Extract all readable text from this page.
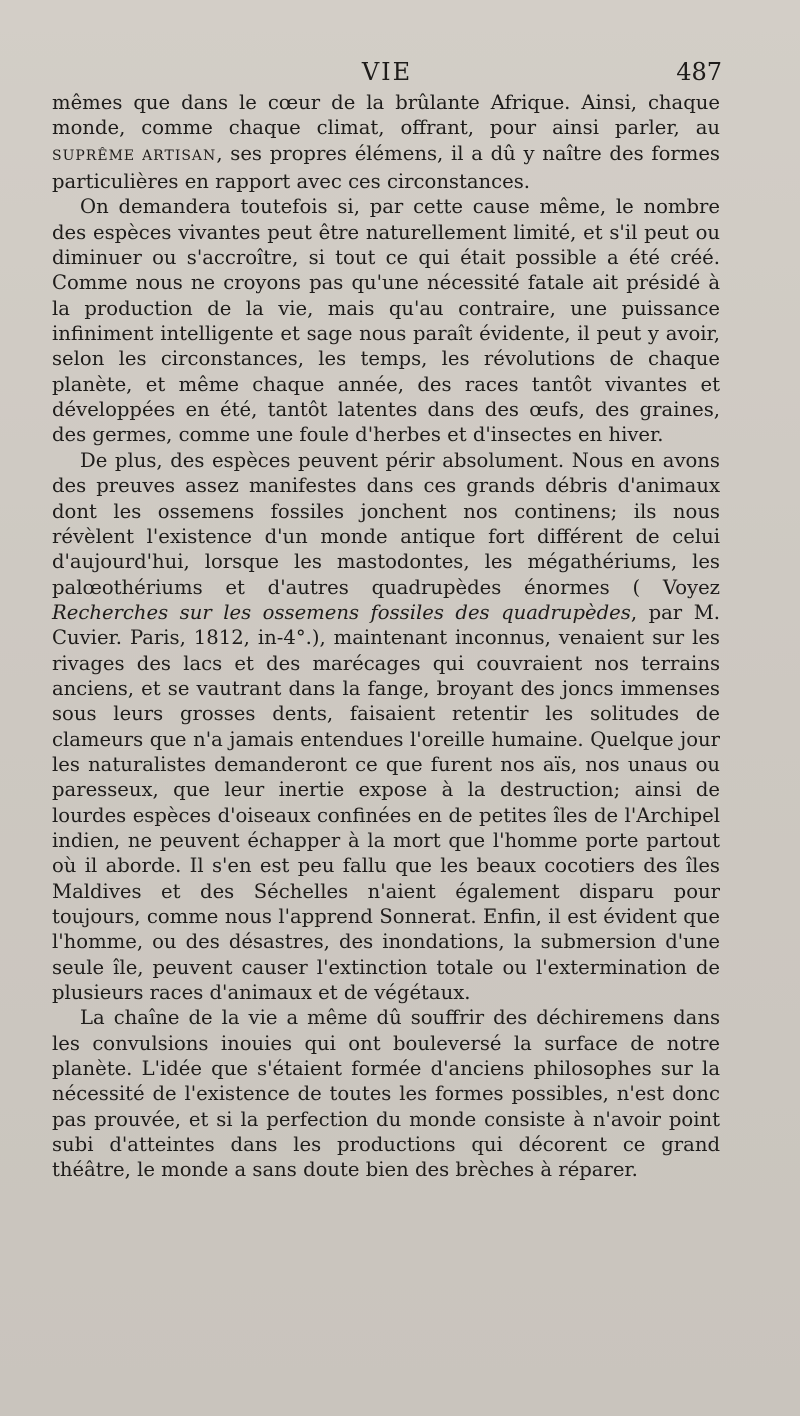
VIE	487

mêmes que dans le cœur de la brûlante Afrique. Ainsi, chaque monde, comme chaque climat, offrant, pour ainsi parler, au SUPRÊME ARTISAN, ses propres élémens, il a dû y naître des formes particulières en rapport avec ces circonstances.

On demandera toutefois si, par cette cause même, le nombre des espèces vivantes peut être naturellement limité, et s'il peut ou diminuer ou s'accroître, si tout ce qui était possible a été créé. Comme nous ne croyons pas qu'une nécessité fatale ait présidé à la production de la vie, mais qu'au contraire, une puissance infiniment intelligente et sage nous paraît évidente, il peut y avoir, selon les circonstances, les temps, les révolutions de chaque planète, et même chaque année, des races tantôt vivantes et développées en été, tantôt latentes dans des œufs, des graines, des germes, comme une foule d'herbes et d'insectes en hiver.

De plus, des espèces peuvent périr absolument. Nous en avons des preuves assez manifestes dans ces grands débris d'animaux dont les ossemens fossiles jonchent nos continens; ils nous révèlent l'existence d'un monde antique fort différent de celui d'aujourd'hui, lorsque les mastodontes, les mégathériums, les palœothériums et d'autres quadrupèdes énormes ( Voyez Recherches sur les ossemens fossiles des quadrupèdes, par M. Cuvier. Paris, 1812, in-4°.), maintenant inconnus, venaient sur les rivages des lacs et des marécages qui couvraient nos terrains anciens, et se vautrant dans la fange, broyant des joncs immenses sous leurs grosses dents, faisaient retentir les solitudes de clameurs que n'a jamais entendues l'oreille humaine. Quelque jour les naturalistes demanderont ce que furent nos aïs, nos unaus ou paresseux, que leur inertie expose à la destruction; ainsi de lourdes espèces d'oiseaux confinées en de petites îles de l'Archipel indien, ne peuvent échapper à la mort que l'homme porte partout où il aborde. Il s'en est peu fallu que les beaux cocotiers des îles Maldives et des Séchelles n'aient également disparu pour toujours, comme nous l'apprend Sonnerat. Enfin, il est évident que l'homme, ou des désastres, des inondations, la submersion d'une seule île, peuvent causer l'extinction totale ou l'extermination de plusieurs races d'animaux et de végétaux.

La chaîne de la vie a même dû souffrir des déchiremens dans les convulsions inouies qui ont bouleversé la surface de notre planète. L'idée que s'étaient formée d'anciens philosophes sur la nécessité de l'existence de toutes les formes possibles, n'est donc pas prouvée, et si la perfection du monde consiste à n'avoir point subi d'atteintes dans les productions qui décorent ce grand théâtre, le monde a sans doute bien des brèches à réparer.
